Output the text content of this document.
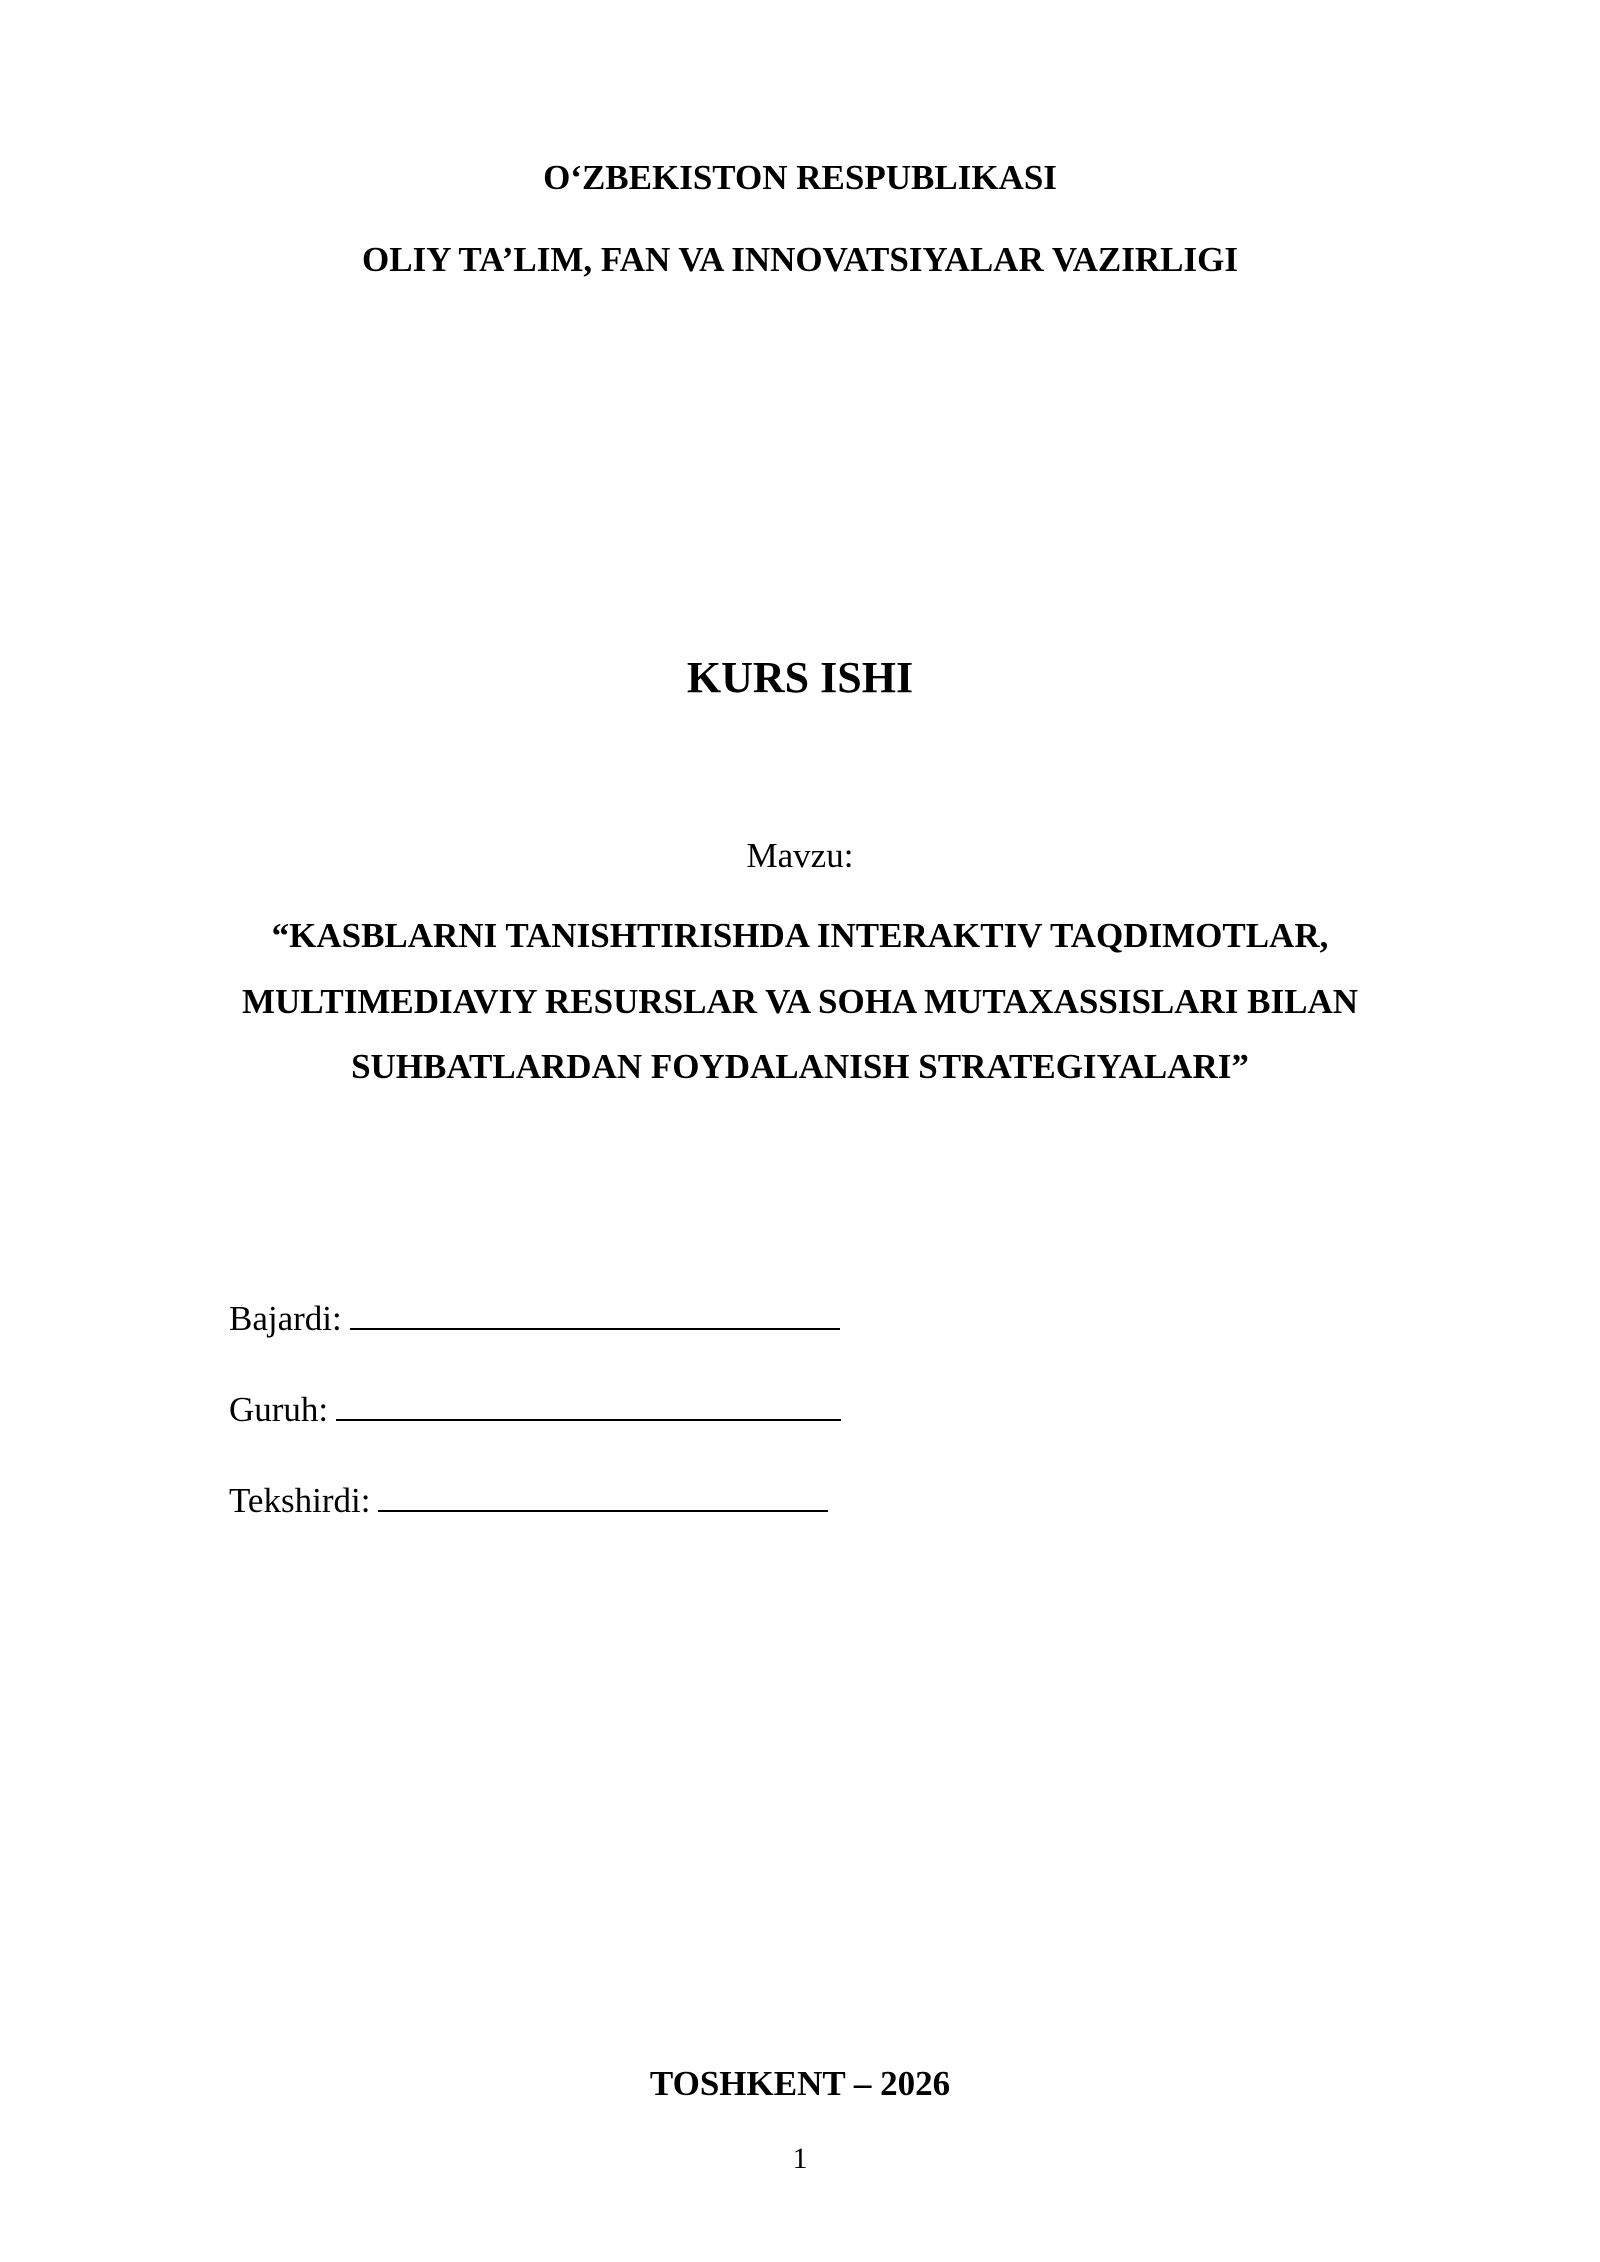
O‘ZBEKISTON RESPUBLIKASI
OLIY TA’LIM, FAN VA INNOVATSIYALAR VAZIRLIGI
KURS ISHI
Mavzu:
“KASBLARNI TANISHTIRISHDA INTERAKTIV TAQDIMOTLAR,
MULTIMEDIAVIY RESURSLAR VA SOHA MUTAXASSISLARI BILAN
SUHBATLARDAN FOYDALANISH STRATEGIYALARI”
Bajardi:
Guruh:
Tekshirdi:
TOSHKENT – 2026
1
